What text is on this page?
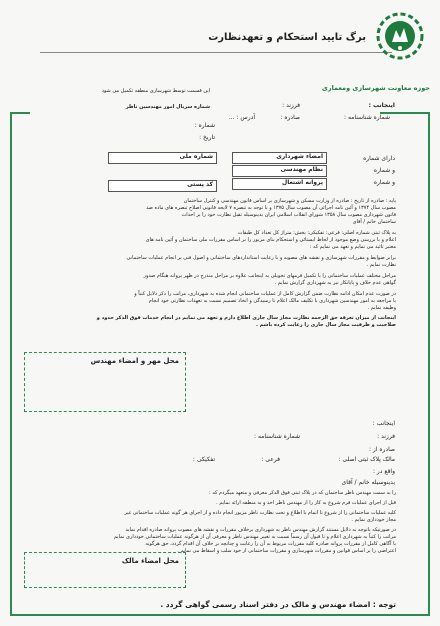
برگ تایید استحکام و تعهدنظارت
حوزه معاونت شهرسازی ومعماری
این قسمت توسط شهرسازی منطقه تکمیل می شود
شماره سریال امور مهندسین ناظر	اینجانب :
فرزند :
شماره شناسنامه :
صادره :
آدرس : ...
شماره :
تاریخ :
دارای شماره
و شماره
و شماره
امضاء شهرداری
نظام مهندسی
پروانه اشتغال
شماره ملی
کد پستی
پایه : صادره از تاریخ : صادره از وزارت مسکن و شهرسازی بر اساس قانون مهندسی و کنترل ساختمان
مصوب سال ۱۳۷۴ و آئین نامه اجرائی آن مصوب سال ۱۳۷۵ و با توجه به تبصره ۷ لایحه قانونی اصلاح تبصره های ماده صد
قانون شهرداری مصوب سال ۱۳۵۸ شورای انقلاب اسلامی ایران بدینوسیله تقبل نظارت خود را بر احداث
ساختمان خانم / آقای
به پلاک ثبتی شماره اصلی: فرعی: تفکیکی: بخش: متراژ کل تعداد کل طبقات
اعلام و با بررسی وضع موجود از لحاظ ایستائی و استحکام بنای مزبور را بر اساس مقررات ملی ساختمان و آئین نامه های
معتبر تائید می نمایم و تعهد می نمایم که :
برابر ضوابط و مقررات شهرسازی و نقشه های مصوبه و با رعایت استانداردهای ساختمانی و اصول فنی بر انجام عملیات ساختمانی
نظارت نمایم .
مراحل مختلف عملیات ساختمانی را با تکمیل فرمهای تحویلی به اینجانب علاوه بر مراحل مندرج در ظهر پروانه هنگام صدور
گواهی عدم خلاف و پایانکار نیز به شهرداری گزارش نمایم .
در صورت عدم امکان ادامه نظارت ضمن گزارش کامل از عملیات ساختمانی انجام شده به شهرداری، مراتب را ذکر دلایل کتباً و
با مراجعه به امور مهندسین شهرداری با تکلیف مالک اعلام نا رسیدگی و اتخاذ تصمیم نسبت به تعهدات نظارتی خود انجام
وظیفه نمایم .
اینجانب از میزان تعرفه حق الزحمه نظارت مجاز سال جاری اطلاع دارم و تعهد می نمایم در انجام خدمات فوق الذکر حدود و
صلاحیت و ظرفیت مجاز سال جاری را رعایت کرده باشم .
محل مهر و امضاء مهندس
اینجانب :
فرزند :
شماره شناسنامه :
صادره از :
مالک پلاک ثبتی اصلی :
فرعی :
تفکیکی :
واقع در :
بدینوسیله خانم / آقای
را به سمت مهندس ناظر ساختمان که در پلاک ثبتی فوق الذکر معرفی و متعهد میگردم که :
قبل از اجرای عملیات فرم شروع به کار را از مهندس ناظر اخذ و به منطقه ارائه نمایم .
کلیه عملیات ساختمانی را از شروع تا اتمام با اطلاع و تحت نظارت ناظر مزبور انجام داده و از اجرای هر گونه عملیات ساختمانی غیر
مجاز خودداری نمایم .
در صورتیکه باتوجه به دلایل مستند گزارش مهندس ناظر به شهرداری برخلاف مقررات و نقشه های مصوب پروانه صادره اقدام نماید
مراتب را کتباً به شهرداری اعلام و تا قبول آن رسماً نسبت به تغییر مهندس ناظر و معرفی آن از هرگونه عملیات ساختمانی خودداری نمایم
با آگاهی کامل از مقررات پروانه صادره کلیه مقررات مربوط به آن را رعایت و چنانچه بر خلاف آن اقدام گردد، حق هرگونه
اعتراضی را بر اساس قوانین و مقررات شهرسازی و مقررات ساختمانی از خود سلب و اسقاط می نمایم .
محل امضاء مالک
توجه : امضاء مهندس و مالک در دفتر اسناد رسمی گواهی گردد .
